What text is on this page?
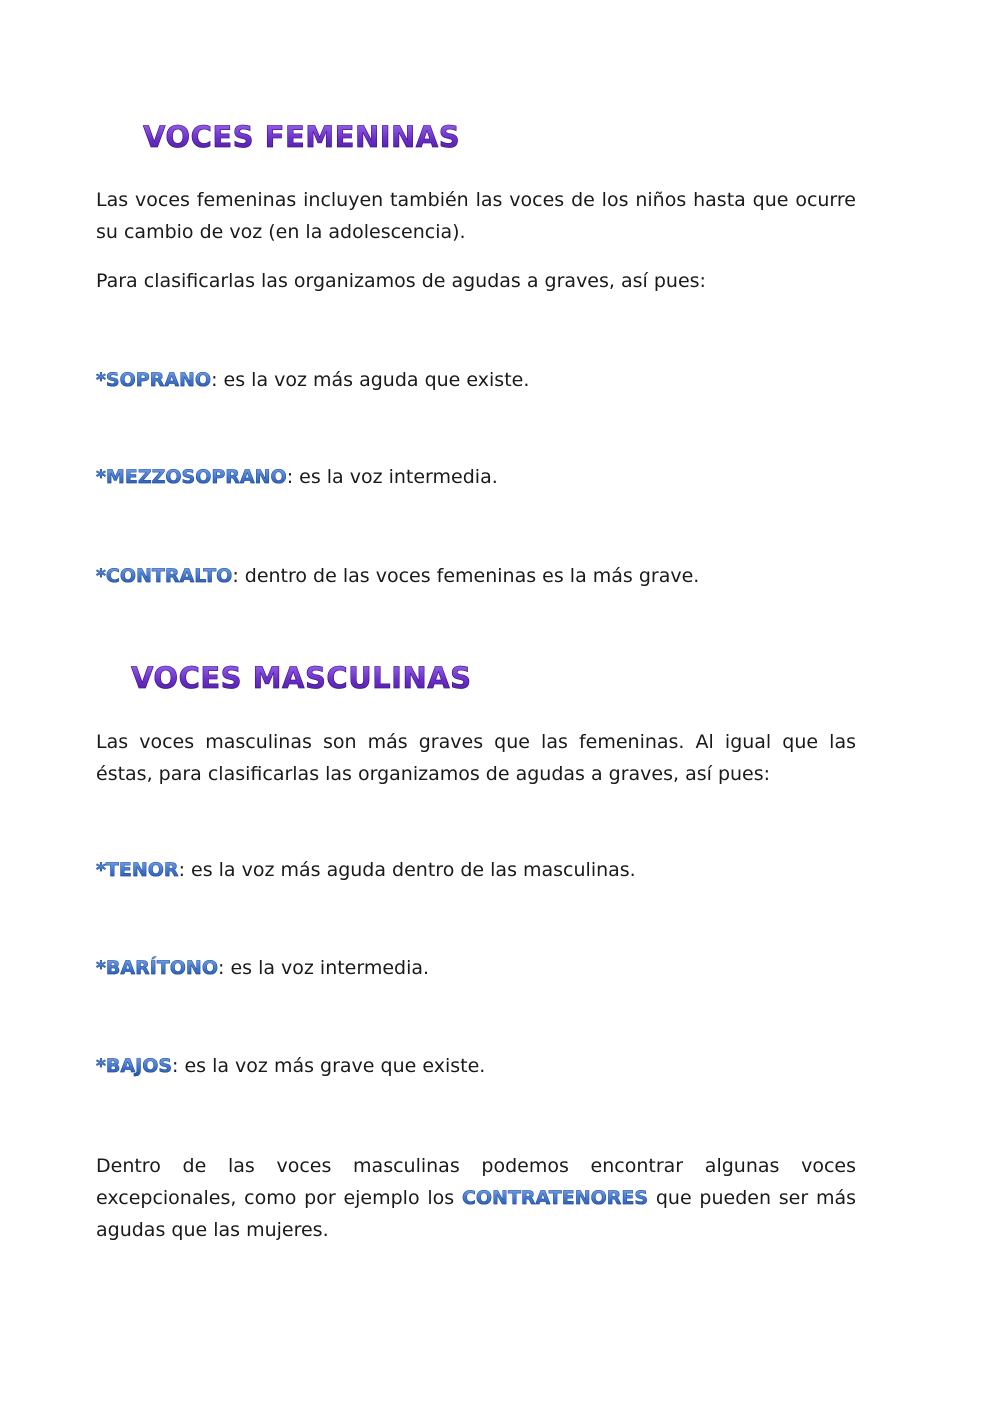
VOCES FEMENINAS

Las voces femeninas incluyen también las voces de los niños hasta que ocurre su cambio de voz (en la adolescencia).

Para clasificarlas las organizamos de agudas a graves, así pues:

*SOPRANO: es la voz más aguda que existe.
*MEZZOSOPRANO: es la voz intermedia.
*CONTRALTO: dentro de las voces femeninas es la más grave.
VOCES MASCULINAS

Las voces masculinas son más graves que las femeninas. Al igual que las éstas, para clasificarlas las organizamos de agudas a graves, así pues:

*TENOR: es la voz más aguda dentro de las masculinas.
*BARÍTONO: es la voz intermedia.
*BAJOS: es la voz más grave que existe.

Dentro de las voces masculinas podemos encontrar algunas voces excepcionales, como por ejemplo los CONTRATENORES que pueden ser más agudas que las mujeres.
